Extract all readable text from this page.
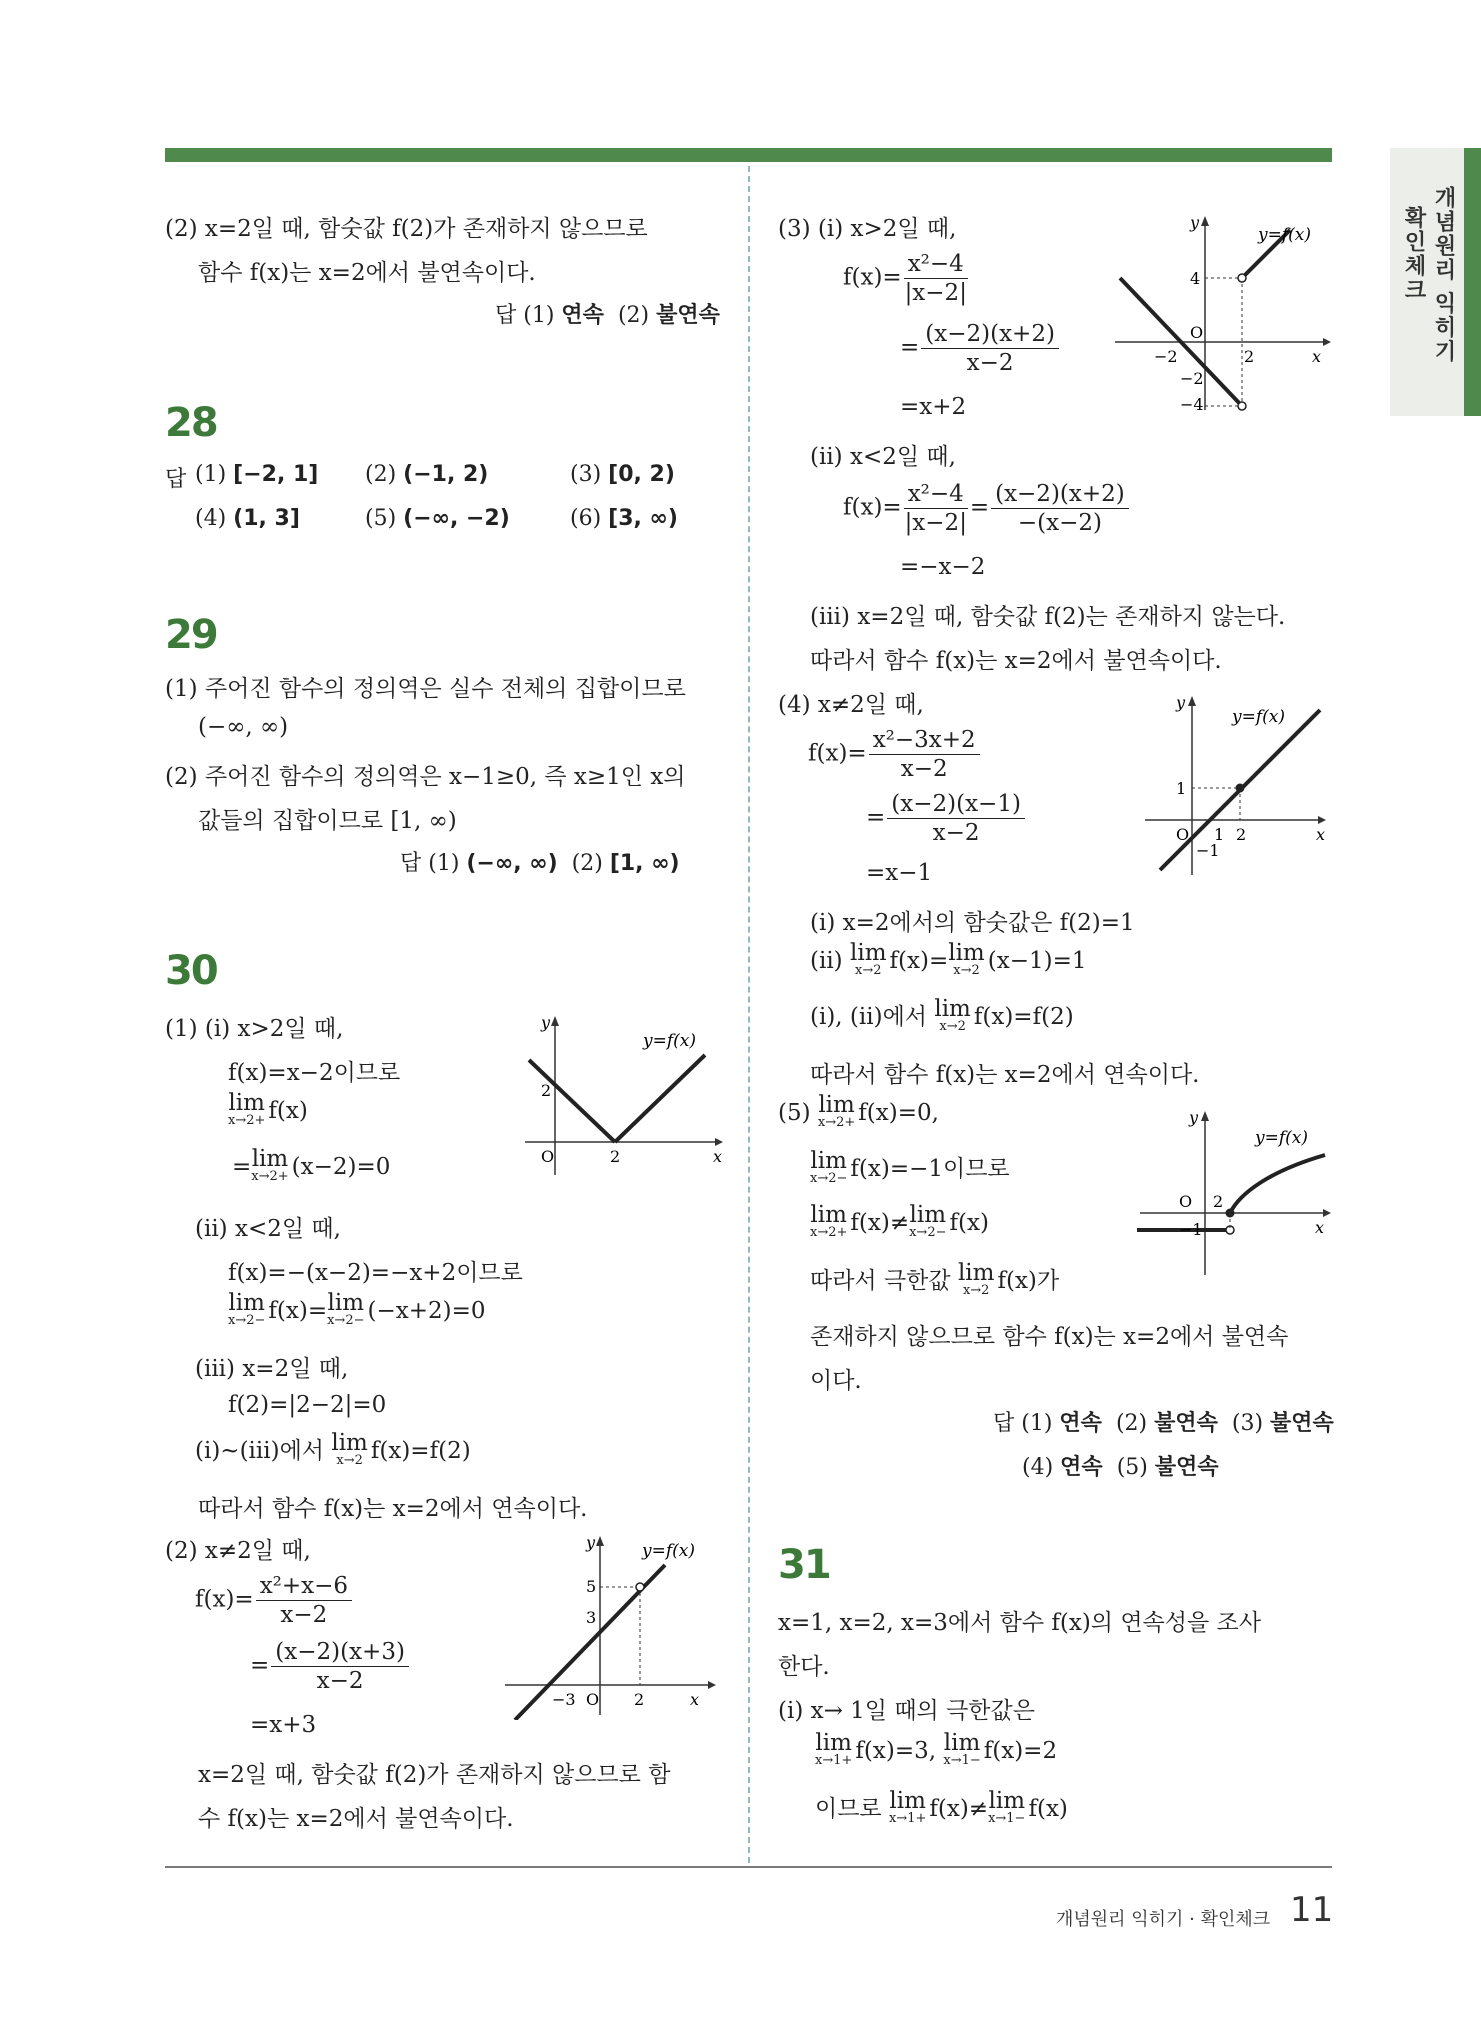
개념원리 익히기
확인체크
(2) x=2일 때, 함숫값 f(2)가 존재하지 않으므로
함수 f(x)는 x=2에서 불연속이다.
답 (1) 연속 (2) 불연속
28
답 (1) [−2, 1] (2) (−1, 2)	(3) [0, 2)
(4) (1, 3]	(5) (−∞, −2)	(6) [3, ∞)
29
(1) 주어진 함수의 정의역은 실수 전체의 집합이므로
(−∞, ∞)
(2) 주어진 함수의 정의역은 x−1≥0, 즉 x≥1인 x의
값들의 집합이므로 [1, ∞)
답 (1) (−∞, ∞) (2) [1, ∞)
30
(1) (i) x>2일 때,
f(x)=x−2이므로
lim
x→2+ f(x)
= lim
x→2+ (x−2)=0
(ii) x<2일 때,
f(x)=−(x−2)=−x+2이므로
lim
x→2− f(x)= lim
x→2− (−x+2)=0
(iii) x=2일 때,
f(2)=|2−2|=0
(i)~(iii)에서 lim
x→2 f(x)=f(2)
따라서 함수 f(x)는 x=2에서 연속이다.
(2) x≠2일 때,
$f(x)= \frac{\text{x²+x−6}}{x-2}$
= $\frac{(x-2)(x+3)}{x-2}$
=x+3
x=2일 때, 함숫값 f(2)가 존재하지 않으므로 함
수 f(x)는 x=2에서 불연속이다.
y
x
O
2
2
y=f(x)
y
x
O
5
3
−3	2
y=f(x)
(3) (i) x>2일 때,
$f(x)= \frac{\text{x²−4}}{|x-2|}$
= $\frac{(x-2)(x+2)}{x-2}$
=x+2
(ii) x<2일 때,
$f(x)= \frac{\text{x²−4}}{|x-2|} = \frac{(x-2)(x+2)}{-(x-2)}$
=−x−2
(iii) x=2일 때, 함숫값 f(2)는 존재하지 않는다.
따라서 함수 f(x)는 x=2에서 불연속이다.
(4) x≠2일 때,
$f(x)= \frac{\text{x²−3x+2}}{x-2}$
= $\frac{(x-2)(x-1)}{x-2}$
=x−1
(i) x=2에서의 함숫값은 f(2)=1
(ii) lim
x→2 f(x)= lim
x→2 (x−1)=1
(i), (ii)에서 lim
x→2 f(x)=f(2)
따라서 함수 f(x)는 x=2에서 연속이다.
(5) lim
x→2+ f(x)=0,
lim
x→2− f(x)=−1이므로
lim
x→2+ f(x)≠ lim
x→2− f(x)
따라서 극한값 lim
x→2 f(x)가
존재하지 않으므로 함수 f(x)는 x=2에서 불연속
이다.
답 (1) 연속 (2) 불연속 (3) 불연속
(4) 연속 (5) 불연속
31
x=1, x=2, x=3에서 함수 f(x)의 연속성을 조사
한다.
(i) x→ 1일 때의 극한값은
lim
x→1+ f(x)=3, lim
x→1− f(x)=2
이므로 lim
x→1+ f(x)≠ lim
x→1− f(x)
y
x
O
4
−2	2
−2
−4
y=f(x)
y
x
O
1
1 2
−1
y=f(x)
y
x
O 2
−1
y=f(x)
개념원리 익히기 · 확인체크 11
